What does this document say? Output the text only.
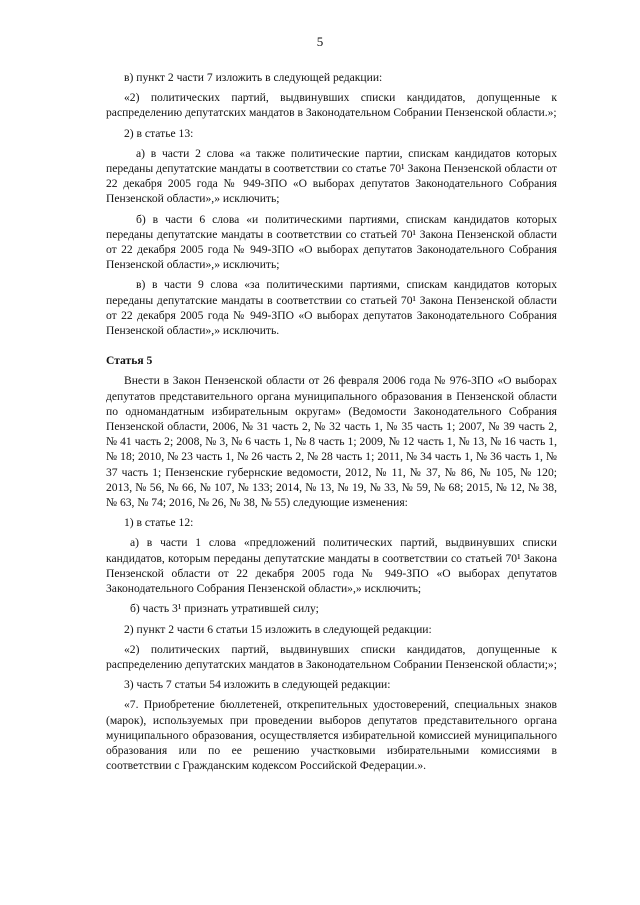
5

в) пункт 2 части 7 изложить в следующей редакции:

«2) политических партий, выдвинувших списки кандидатов, допущенные к распределению депутатских мандатов в Законодательном Собрании Пензенской области.»;

2) в статье 13:

а) в части 2 слова «а также политические партии, спискам кандидатов которых переданы депутатские мандаты в соответствии со статье 70¹ Закона Пензенской области от 22 декабря 2005 года № 949-ЗПО «О выборах депутатов Законодательного Собрания Пензенской области»,» исключить;

б) в части 6 слова «и политическими партиями, спискам кандидатов которых переданы депутатские мандаты в соответствии со статьей 70¹ Закона Пензенской области от 22 декабря 2005 года № 949-ЗПО «О выборах депутатов Законодательного Собрания Пензенской области»,» исключить;

в) в части 9 слова «за политическими партиями, спискам кандидатов которых переданы депутатские мандаты в соответствии со статьей 70¹ Закона Пензенской области от 22 декабря 2005 года № 949-ЗПО «О выборах депутатов Законодательного Собрания Пензенской области»,» исключить.

Статья 5

Внести в Закон Пензенской области от 26 февраля 2006 года № 976-ЗПО «О выборах депутатов представительного органа муниципального образования в Пензенской области по одномандатным избирательным округам» (Ведомости Законодательного Собрания Пензенской области, 2006, № 31 часть 2, № 32 часть 1, № 35 часть 1; 2007, № 39 часть 2, № 41 часть 2; 2008, № 3, № 6 часть 1, № 8 часть 1; 2009, № 12 часть 1, № 13, № 16 часть 1, № 18; 2010, № 23 часть 1, № 26 часть 2, № 28 часть 1; 2011, № 34 часть 1, № 36 часть 1, № 37 часть 1; Пензенские губернские ведомости, 2012, № 11, № 37, № 86, № 105, № 120; 2013, № 56, № 66, № 107, № 133; 2014, № 13, № 19, № 33, № 59, № 68; 2015, № 12, № 38, № 63, № 74; 2016, № 26, № 38, № 55) следующие изменения:

1) в статье 12:

а) в части 1 слова «предложений политических партий, выдвинувших списки кандидатов, которым переданы депутатские мандаты в соответствии со статьей 70¹ Закона Пензенской области от 22 декабря 2005 года № 949-ЗПО «О выборах депутатов Законодательного Собрания Пензенской области»,» исключить;

б) часть 3¹ признать утратившей силу;

2) пункт 2 части 6 статьи 15 изложить в следующей редакции:

«2) политических партий, выдвинувших списки кандидатов, допущенные к распределению депутатских мандатов в Законодательном Собрании Пензенской области;»;

3) часть 7 статьи 54 изложить в следующей редакции:

«7. Приобретение бюллетеней, открепительных удостоверений, специальных знаков (марок), используемых при проведении выборов депутатов представительного органа муниципального образования, осуществляется избирательной комиссией муниципального образования или по ее решению участковыми избирательными комиссиями в соответствии с Гражданским кодексом Российской Федерации.».
